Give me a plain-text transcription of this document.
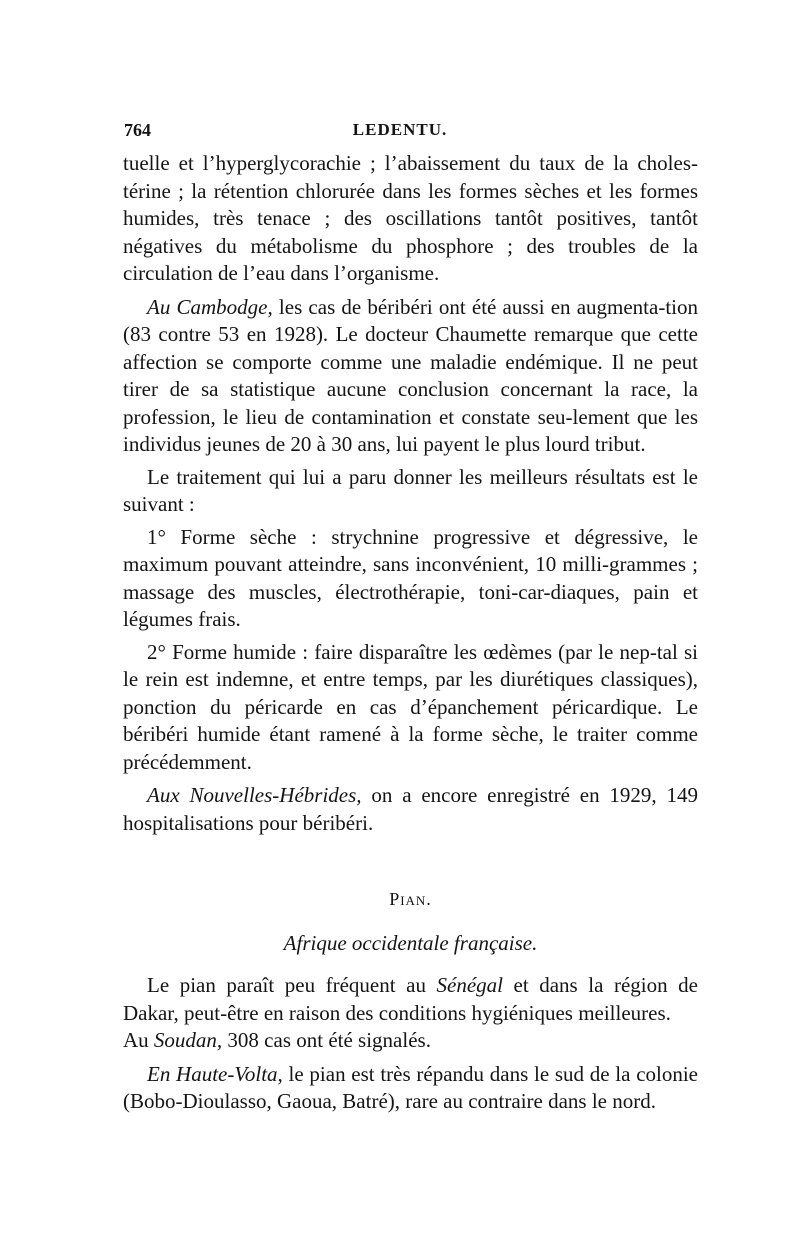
764	LEDENTU.

tuelle et l’hyperglycorachie ; l’abaissement du taux de la choles-térine ; la rétention chlorurée dans les formes sèches et les formes humides, très tenace ; des oscillations tantôt positives, tantôt négatives du métabolisme du phosphore ; des troubles de la circulation de l’eau dans l’organisme.

Au Cambodge, les cas de béribéri ont été aussi en augmenta-tion (83 contre 53 en 1928). Le docteur Chaumette remarque que cette affection se comporte comme une maladie endémique. Il ne peut tirer de sa statistique aucune conclusion concernant la race, la profession, le lieu de contamination et constate seu-lement que les individus jeunes de 20 à 30 ans, lui payent le plus lourd tribut.

Le traitement qui lui a paru donner les meilleurs résultats est le suivant :

1° Forme sèche : strychnine progressive et dégressive, le maximum pouvant atteindre, sans inconvénient, 10 milli-grammes ; massage des muscles, électrothérapie, toni-car-diaques, pain et légumes frais.

2° Forme humide : faire disparaître les œdèmes (par le nep-tal si le rein est indemne, et entre temps, par les diurétiques classiques), ponction du péricarde en cas d’épanchement péricardique. Le béribéri humide étant ramené à la forme sèche, le traiter comme précédemment.

Aux Nouvelles-Hébrides, on a encore enregistré en 1929, 149 hospitalisations pour béribéri.

Pian.
Afrique occidentale française.

Le pian paraît peu fréquent au Sénégal et dans la région de Dakar, peut-être en raison des conditions hygiéniques meilleures.

Au Soudan, 308 cas ont été signalés.

En Haute-Volta, le pian est très répandu dans le sud de la colonie (Bobo-Dioulasso, Gaoua, Batré), rare au contraire dans le nord.
